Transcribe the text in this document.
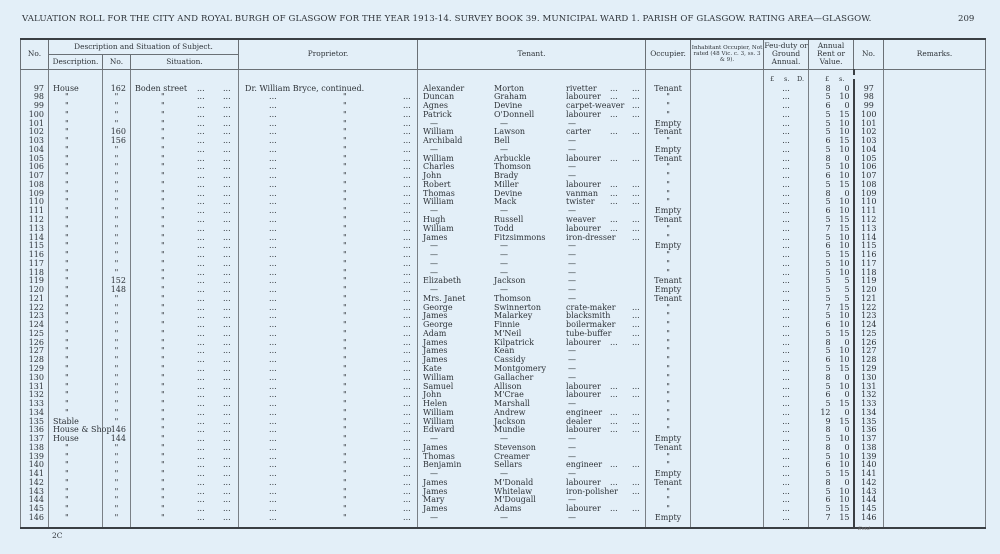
VALUATION ROLL FOR THE CITY AND ROYAL BURGH OF GLASGOW FOR THE YEAR 1913-14. SURVEY BOOK 39. MUNICIPAL WARD 1. PARISH OF GLASGOW. RATING AREA—GLASGOW.	209
No.	Description and Situation of Subject.			Proprietor.	Tenant.	Occupier.	Inhabitant Occupier, Not rated (48 Vic. c. 3, ss. 3 & 9).	Feu-duty or Ground Annual.	Annual Rent or Value.	No.	Remarks.
	Description.	No.	Situation.								

								£ s. D.	£ s.		

97	House	162	Boden street ... ...	Dr. William Bryce, continued.	Alexander Morton rivetter ... ...	Tenant		...	8 0	97	
98	"	"	" ... ...	... " ...	Duncan Graham labourer ... ...	"		...	5 10	98	
99	"	"	" ... ...	... " ...	Agnes Devine carpet-weaver ...	"		...	6 0	99	
100	"	"	" ... ...	... " ...	Patrick O'Donnell labourer ... ...	"		...	5 15	100	
101	"	"	" ... ...	... " ...	— — —	Empty		...	5 10	101	
102	"	160	" ... ...	... " ...	William Lawson carter ... ...	Tenant		...	5 10	102	
103	"	156	" ... ...	... " ...	Archibald Bell —	"		...	6 15	103	
104	"	"	" ... ...	... " ...	— — —	Empty		...	5 10	104	
105	"	"	" ... ...	... " ...	William Arbuckle labourer ... ...	Tenant		...	8 0	105	
106	"	"	" ... ...	... " ...	Charles Thomson —	"		...	5 10	106	
107	"	"	" ... ...	... " ...	John Brady —	"		...	6 10	107	
108	"	"	" ... ...	... " ...	Robert Miller labourer ... ...	"		...	5 15	108	
109	"	"	" ... ...	... " ...	Thomas Devine vanman ... ...	"		...	8 0	109	
110	"	"	" ... ...	... " ...	William Mack twister ... ...	"		...	5 10	110	
111	"	"	" ... ...	... " ...	— — —	Empty		...	6 10	111	
112	"	"	" ... ...	... " ...	Hugh Russell weaver ... ...	Tenant		...	5 15	112	
113	"	"	" ... ...	... " ...	William Todd labourer ... ...	"		...	7 15	113	
114	"	"	" ... ...	... " ...	James Fitzsimmons iron-dresser ...	"		...	5 10	114	
115	"	"	" ... ...	... " ...	— — —	Empty		...	6 10	115	
116	"	"	" ... ...	... " ...	— — —	"		...	5 15	116	
117	"	"	" ... ...	... " ...	— — —	"		...	5 10	117	
118	"	"	" ... ...	... " ...	— — —	"		...	5 10	118	
119	"	152	" ... ...	... " ...	Elizabeth Jackson —	Tenant		...	5 5	119	
120	"	148	" ... ...	... " ...	— — —	Empty		...	5 5	120	
121	"	"	" ... ...	... " ...	Mrs. Janet Thomson —	Tenant		...	5 5	121	
122	"	"	" ... ...	... " ...	George Swinnerton crate-maker ...	"		...	7 15	122	
123	"	"	" ... ...	... " ...	James Malarkey blacksmith ...	"		...	5 10	123	
124	"	"	" ... ...	... " ...	George Finnie boilermaker ...	"		...	6 10	124	
125	"	"	" ... ...	... " ...	Adam M'Neil tube-buffer ...	"		...	5 15	125	
126	"	"	" ... ...	... " ...	James Kilpatrick labourer ... ...	"		...	8 0	126	
127	"	"	" ... ...	... " ...	James Kean —	"		...	5 10	127	
128	"	"	" ... ...	... " ...	James Cassidy —	"		...	6 10	128	
129	"	"	" ... ...	... " ...	Kate Montgomery —	"		...	5 15	129	
130	"	"	" ... ...	... " ...	William Gallacher —	"		...	8 0	130	
131	"	"	" ... ...	... " ...	Samuel Allison labourer ... ...	"		...	5 10	131	
132	"	"	" ... ...	... " ...	John M'Crae labourer ... ...	"		...	6 0	132	
133	"	"	" ... ...	... " ...	Helen Marshall —	"		...	5 15	133	
134	"	"	" ... ...	... " ...	William Andrew engineer ... ...	"		...	12 0	134	
135	Stable	"	" ... ...	... " ...	William Jackson dealer ... ...	"		...	9 15	135	
136	House & Shop	146	" ... ...	... " ...	Edward Mundie labourer ... ...	"		...	8 0	136	
137	House	144	" ... ...	... " ...	— — —	Empty		...	5 10	137	
138	"	"	" ... ...	... " ...	James Stevenson —	Tenant		...	8 0	138	
139	"	"	" ... ...	... " ...	Thomas Creamer —	"		...	5 10	139	
140	"	"	" ... ...	... " ...	Benjamin Sellars engineer ... ...	"		...	6 10	140	
141	"	"	" ... ...	... " ...	— — —	Empty		...	5 15	141	
142	"	"	" ... ...	... " ...	James M'Donald labourer ... ...	Tenant		...	8 0	142	
143	"	"	" ... ...	... " ...	James Whitelaw iron-polisher ...	"		...	5 10	143	
144	"	"	" ... ...	... " ...	Mary M'Dougall —	"		...	6 10	144	
145	"	"	" ... ...	... " ...	James Adams labourer ... ...	"		...	5 15	145	
146	"	"	" ... ...	... " ...	— — —	Empty		...	7 15	146	

2C
Entd
